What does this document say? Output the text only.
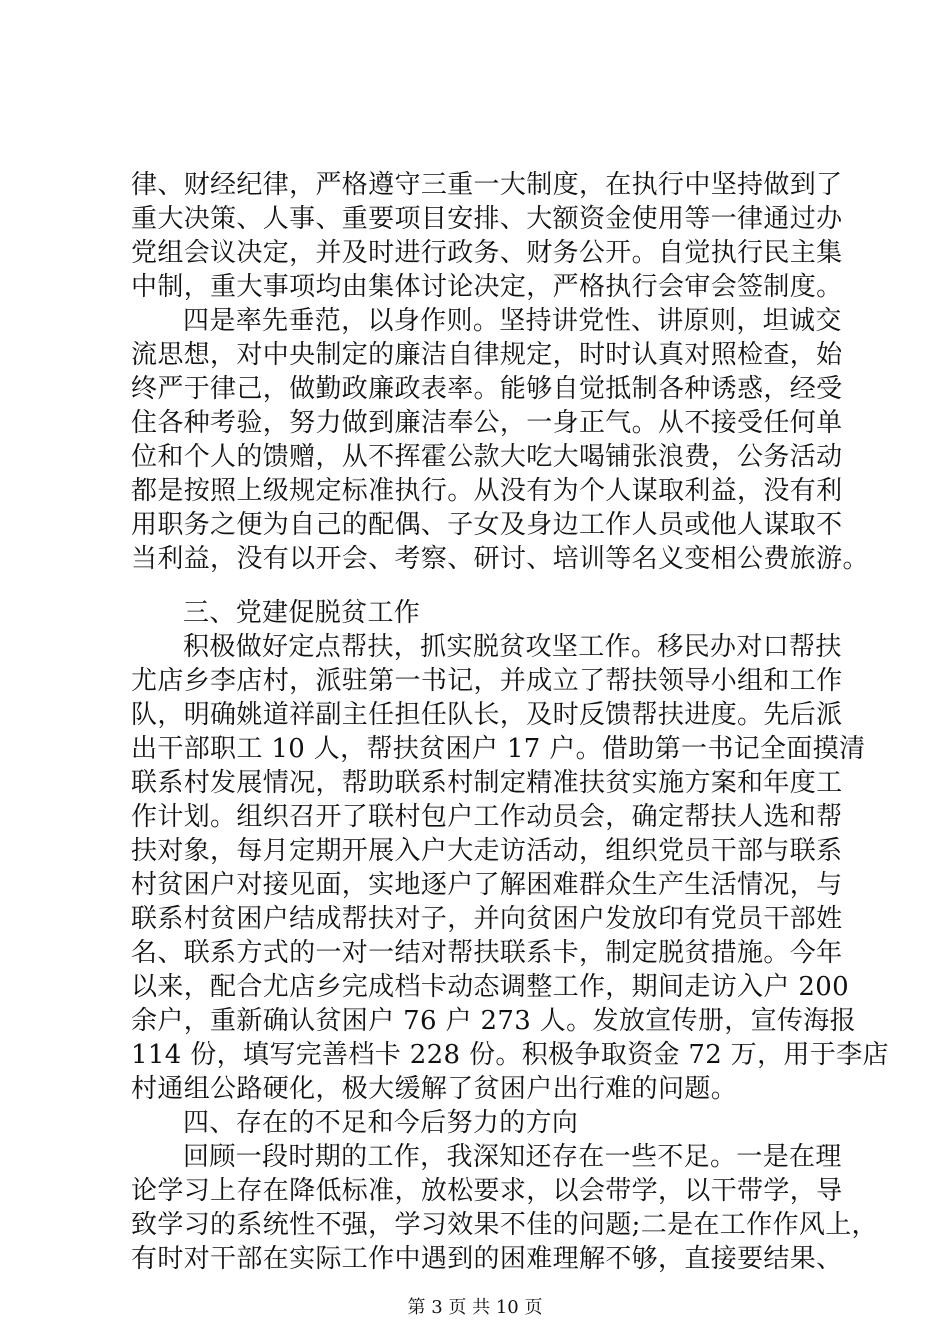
律、财经纪律，严格遵守三重一大制度，在执行中坚持做到了
重大决策、人事、重要项目安排、大额资金使用等一律通过办
党组会议决定，并及时进行政务、财务公开。自觉执行民主集
中制，重大事项均由集体讨论决定，严格执行会审会签制度。
四是率先垂范，以身作则。坚持讲党性、讲原则，坦诚交
流思想，对中央制定的廉洁自律规定，时时认真对照检查，始
终严于律己，做勤政廉政表率。能够自觉抵制各种诱惑，经受
住各种考验，努力做到廉洁奉公，一身正气。从不接受任何单
位和个人的馈赠，从不挥霍公款大吃大喝铺张浪费，公务活动
都是按照上级规定标准执行。从没有为个人谋取利益，没有利
用职务之便为自己的配偶、子女及身边工作人员或他人谋取不
当利益，没有以开会、考察、研讨、培训等名义变相公费旅游。
三、党建促脱贫工作
积极做好定点帮扶，抓实脱贫攻坚工作。移民办对口帮扶
尤店乡李店村，派驻第一书记，并成立了帮扶领导小组和工作
队，明确姚道祥副主任担任队长，及时反馈帮扶进度。先后派
出干部职工 10 人，帮扶贫困户 17 户。借助第一书记全面摸清
联系村发展情况，帮助联系村制定精准扶贫实施方案和年度工
作计划。组织召开了联村包户工作动员会，确定帮扶人选和帮
扶对象，每月定期开展入户大走访活动，组织党员干部与联系
村贫困户对接见面，实地逐户了解困难群众生产生活情况，与
联系村贫困户结成帮扶对子，并向贫困户发放印有党员干部姓
名、联系方式的一对一结对帮扶联系卡，制定脱贫措施。今年
以来，配合尤店乡完成档卡动态调整工作，期间走访入户 200
余户，重新确认贫困户 76 户 273 人。发放宣传册，宣传海报
114 份，填写完善档卡 228 份。积极争取资金 72 万，用于李店
村通组公路硬化，极大缓解了贫困户出行难的问题。
四、存在的不足和今后努力的方向
回顾一段时期的工作，我深知还存在一些不足。一是在理
论学习上存在降低标准，放松要求，以会带学，以干带学，导
致学习的系统性不强，学习效果不佳的问题;二是在工作作风上，
有时对干部在实际工作中遇到的困难理解不够，直接要结果、
第 3 页 共 10 页
